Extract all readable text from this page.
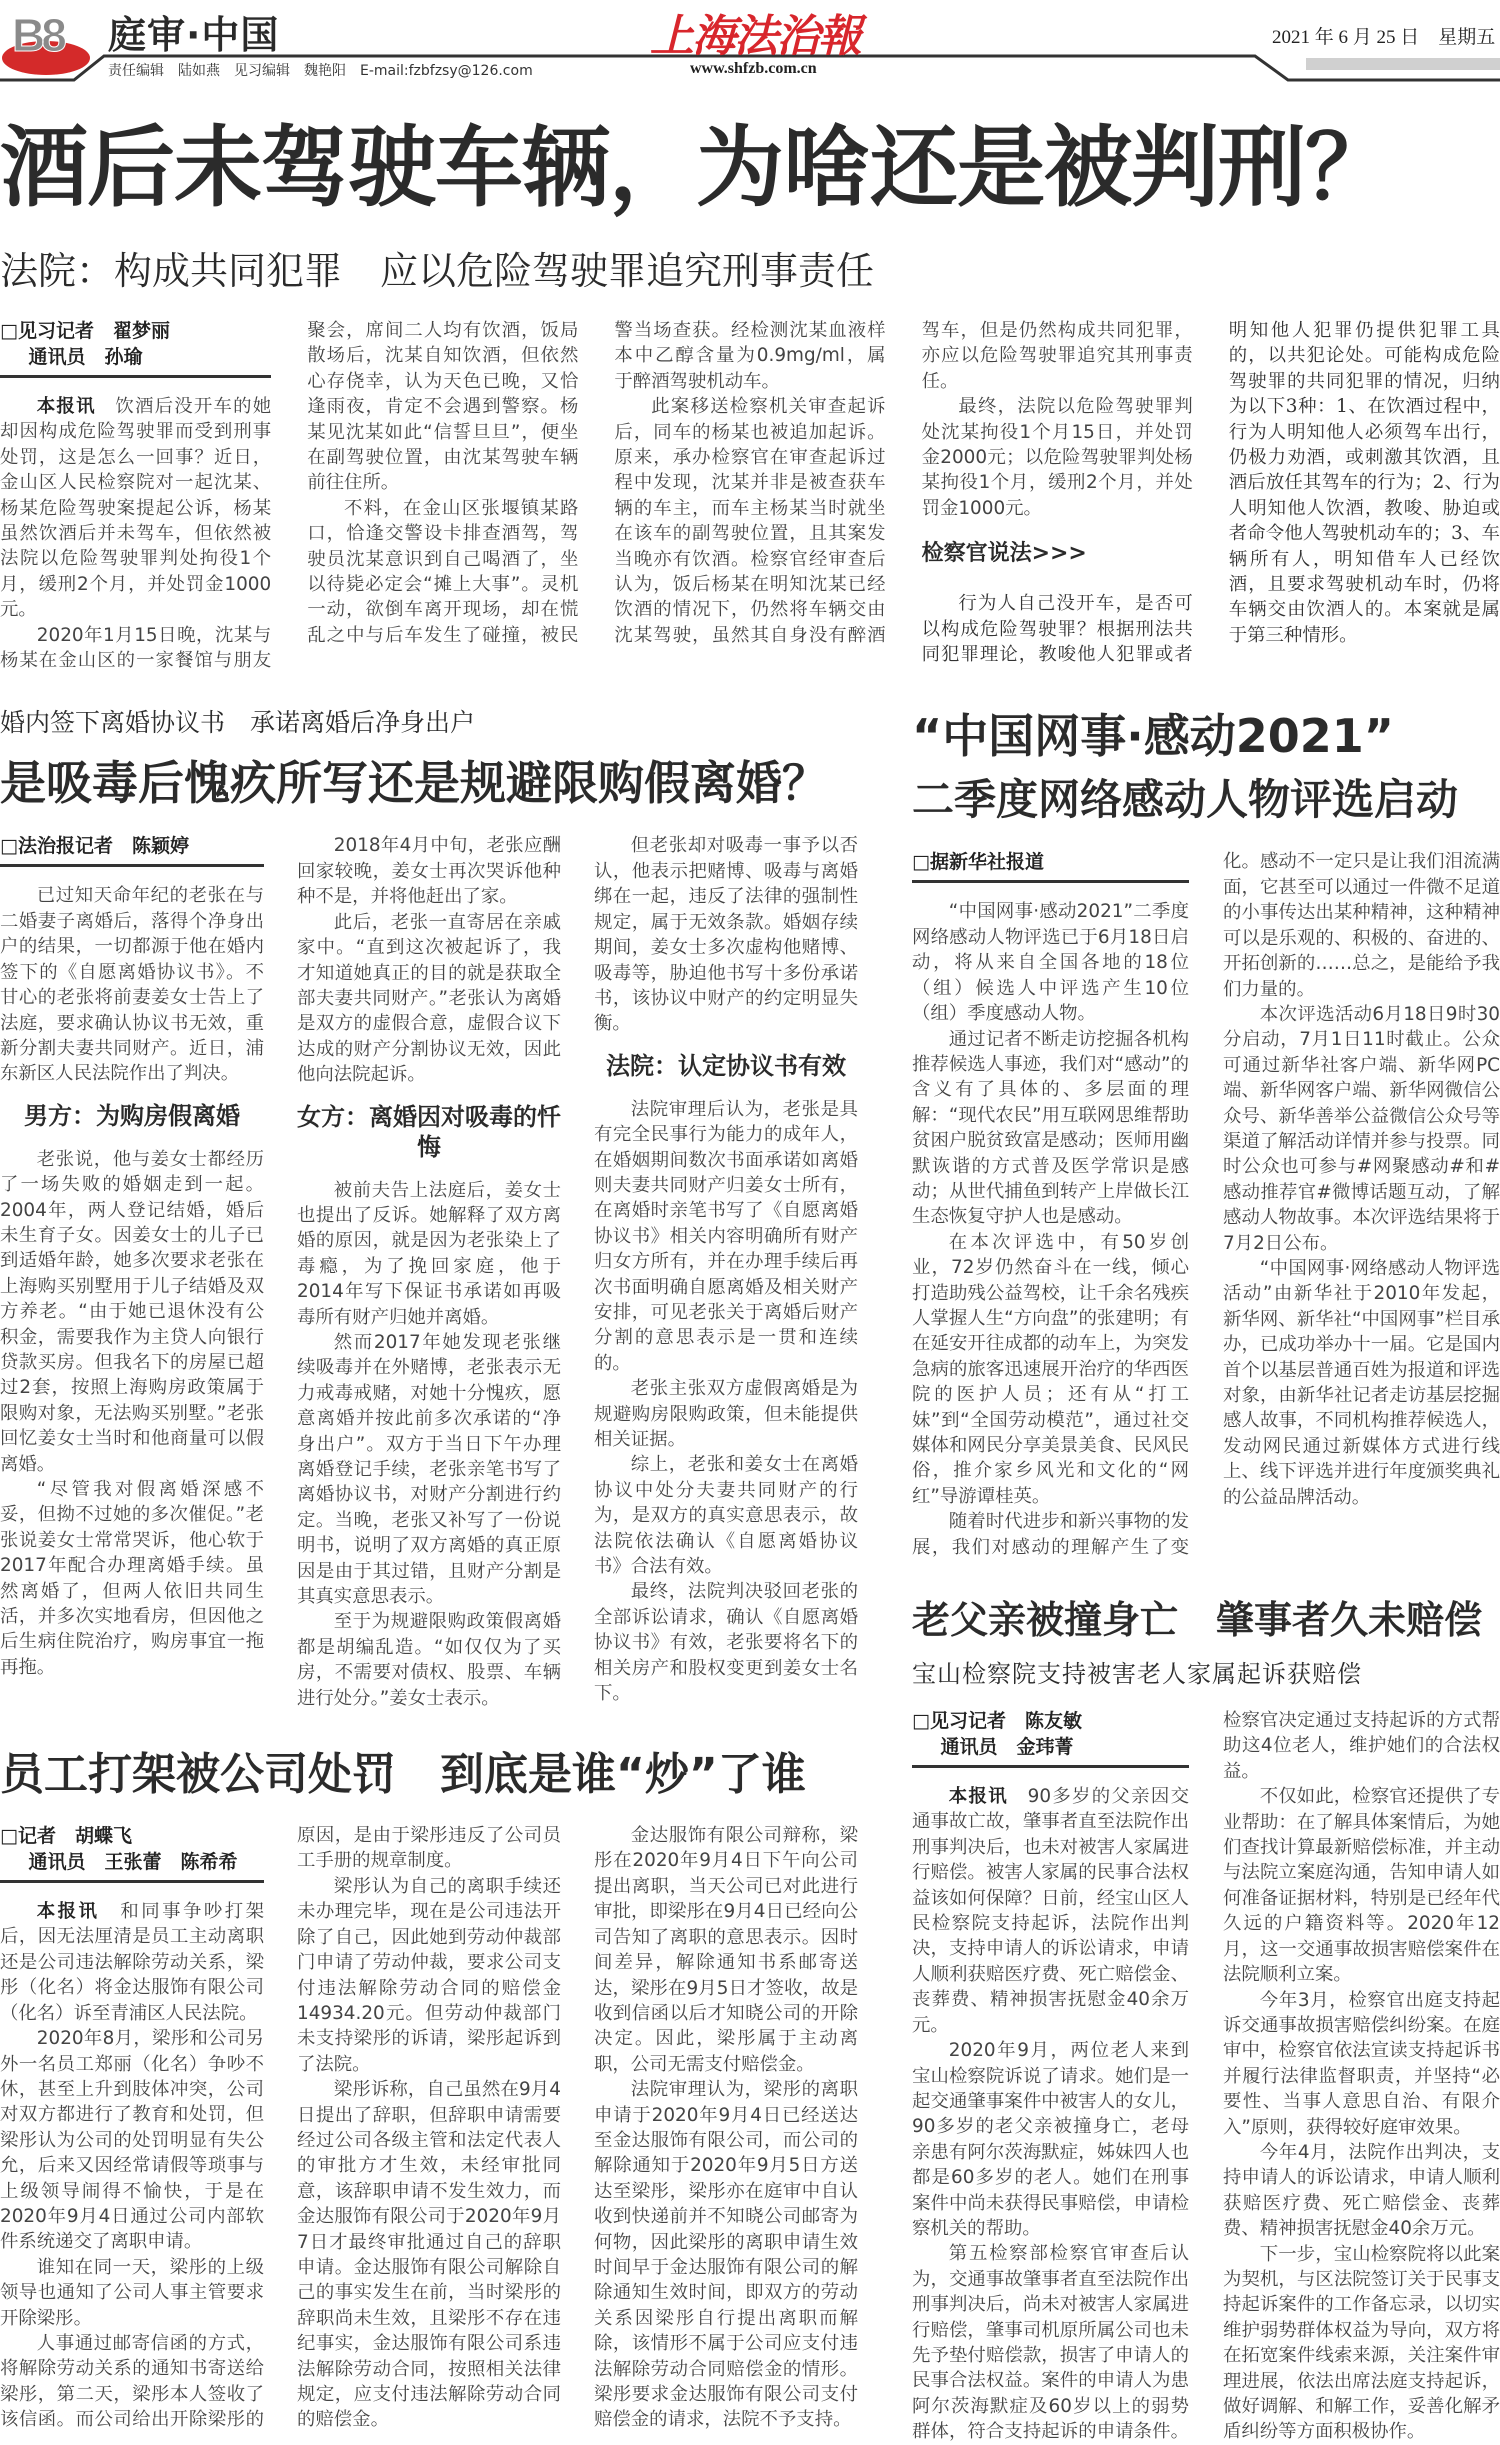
B8 庭审·中国
责任编辑　陆如燕　见习编辑　魏艳阳　E-mail:fzbfzsy@126.com
上海法治報
www.shfzb.com.cn
2021 年 6 月 25 日　星期五
酒后未驾驶车辆，为啥还是被判刑？
法院：构成共同犯罪　应以危险驾驶罪追究刑事责任
□见习记者　翟梦丽
通讯员　孙瑜

本报讯　饮酒后没开车的她却因构成危险驾驶罪而受到刑事处罚，这是怎么一回事？近日，金山区人民检察院对一起沈某、杨某危险驾驶案提起公诉，杨某虽然饮酒后并未驾车，但依然被法院以危险驾驶罪判处拘役1个月，缓刑2个月，并处罚金1000元。

2020年1月15日晚，沈某与杨某在金山区的一家餐馆与朋友聚会，席间二人均有饮酒，饭局散场后，沈某自知饮酒，但依然心存侥幸，认为天色已晚，又恰逢雨夜，肯定不会遇到警察。杨某见沈某如此“信誓旦旦”，便坐在副驾驶位置，由沈某驾驶车辆前往住所。

不料，在金山区张堰镇某路口，恰逢交警设卡排查酒驾，驾驶员沈某意识到自己喝酒了，坐以待毙必定会“摊上大事”。灵机一动，欲倒车离开现场，却在慌乱之中与后车发生了碰撞，被民警当场查获。经检测沈某血液样本中乙醇含量为0.9mg/ml，属于醉酒驾驶机动车。

此案移送检察机关审查起诉后，同车的杨某也被追加起诉。原来，承办检察官在审查起诉过程中发现，沈某并非是被查获车辆的车主，而车主杨某当时就坐在该车的副驾驶位置，且其案发当晚亦有饮酒。检察官经审查后认为，饭后杨某在明知沈某已经饮酒的情况下，仍然将车辆交由沈某驾驶，虽然其自身没有醉酒驾车，但是仍然构成共同犯罪，亦应以危险驾驶罪追究其刑事责任。

最终，法院以危险驾驶罪判处沈某拘役1个月15日，并处罚金2000元；以危险驾驶罪判处杨某拘役1个月，缓刑2个月，并处罚金1000元。

检察官说法>>>

行为人自己没开车，是否可以构成危险驾驶罪？根据刑法共同犯罪理论，教唆他人犯罪或者明知他人犯罪仍提供犯罪工具的，以共犯论处。可能构成危险驾驶罪的共同犯罪的情况，归纳为以下3种：1、在饮酒过程中，行为人明知他人必须驾车出行，仍极力劝酒，或刺激其饮酒，且酒后放任其驾车的行为；2、行为人明知他人饮酒，教唆、胁迫或者命令他人驾驶机动车的；3、车辆所有人，明知借车人已经饮酒，且要求驾驶机动车时，仍将车辆交由饮酒人的。本案就是属于第三种情形。

婚内签下离婚协议书　承诺离婚后净身出户
是吸毒后愧疚所写还是规避限购假离婚？
□法治报记者　陈颖婷

已过知天命年纪的老张在与二婚妻子离婚后，落得个净身出户的结果，一切都源于他在婚内签下的《自愿离婚协议书》。不甘心的老张将前妻姜女士告上了法庭，要求确认协议书无效，重新分割夫妻共同财产。近日，浦东新区人民法院作出了判决。

男方：为购房假离婚

老张说，他与姜女士都经历了一场失败的婚姻走到一起。2004年，两人登记结婚，婚后未生育子女。因姜女士的儿子已到适婚年龄，她多次要求老张在上海购买别墅用于儿子结婚及双方养老。“由于她已退休没有公积金，需要我作为主贷人向银行贷款买房。但我名下的房屋已超过2套，按照上海购房政策属于限购对象，无法购买别墅。”老张回忆姜女士当时和他商量可以假离婚。

“尽管我对假离婚深感不妥，但拗不过她的多次催促。”老张说姜女士常常哭诉，他心软于2017年配合办理离婚手续。虽然离婚了，但两人依旧共同生活，并多次实地看房，但因他之后生病住院治疗，购房事宜一拖再拖。

2018年4月中旬，老张应酬回家较晚，姜女士再次哭诉他种种不是，并将他赶出了家。

此后，老张一直寄居在亲戚家中。“直到这次被起诉了，我才知道她真正的目的就是获取全部夫妻共同财产。”老张认为离婚是双方的虚假合意，虚假合议下达成的财产分割协议无效，因此他向法院起诉。

女方：离婚因对吸毒的忏悔

被前夫告上法庭后，姜女士也提出了反诉。她解释了双方离婚的原因，就是因为老张染上了毒瘾，为了挽回家庭，他于2014年写下保证书承诺如再吸毒所有财产归她并离婚。

然而2017年她发现老张继续吸毒并在外赌博，老张表示无力戒毒戒赌，对她十分愧疚，愿意离婚并按此前多次承诺的“净身出户”。双方于当日下午办理离婚登记手续，老张亲笔书写了离婚协议书，对财产分割进行约定。当晚，老张又补写了一份说明书，说明了双方离婚的真正原因是由于其过错，且财产分割是其真实意思表示。

至于为规避限购政策假离婚都是胡编乱造。“如仅仅为了买房，不需要对债权、股票、车辆进行处分。”姜女士表示。

但老张却对吸毒一事予以否认，他表示把赌博、吸毒与离婚绑在一起，违反了法律的强制性规定，属于无效条款。婚姻存续期间，姜女士多次虚构他赌博、吸毒等，胁迫他书写十多份承诺书，该协议中财产的约定明显失衡。

法院：认定协议书有效

法院审理后认为，老张是具有完全民事行为能力的成年人，在婚姻期间数次书面承诺如离婚则夫妻共同财产归姜女士所有，在离婚时亲笔书写了《自愿离婚协议书》相关内容明确所有财产归女方所有，并在办理手续后再次书面明确自愿离婚及相关财产安排，可见老张关于离婚后财产分割的意思表示是一贯和连续的。

老张主张双方虚假离婚是为规避购房限购政策，但未能提供相关证据。

综上，老张和姜女士在离婚协议中处分夫妻共同财产的行为，是双方的真实意思表示，故法院依法确认《自愿离婚协议书》合法有效。

最终，法院判决驳回老张的全部诉讼请求，确认《自愿离婚协议书》有效，老张要将名下的相关房产和股权变更到姜女士名下。

员工打架被公司处罚　到底是谁“炒”了谁
□记者　胡蝶飞
通讯员　王张蕾　陈希希

本报讯　和同事争吵打架后，因无法厘清是员工主动离职还是公司违法解除劳动关系，梁彤（化名）将金达服饰有限公司（化名）诉至青浦区人民法院。

2020年8月，梁彤和公司另外一名员工郑丽（化名）争吵不休，甚至上升到肢体冲突，公司对双方都进行了教育和处罚，但梁彤认为公司的处罚明显有失公允，后来又因经常请假等琐事与上级领导闹得不愉快，于是在2020年9月4日通过公司内部软件系统递交了离职申请。

谁知在同一天，梁彤的上级领导也通知了公司人事主管要求开除梁彤。

人事通过邮寄信函的方式，将解除劳动关系的通知书寄送给梁彤，第二天，梁彤本人签收了该信函。而公司给出开除梁彤的原因，是由于梁彤违反了公司员工手册的规章制度。

梁彤认为自己的离职手续还未办理完毕，现在是公司违法开除了自己，因此她到劳动仲裁部门申请了劳动仲裁，要求公司支付违法解除劳动合同的赔偿金14934.20元。但劳动仲裁部门未支持梁彤的诉请，梁彤起诉到了法院。

梁彤诉称，自己虽然在9月4日提出了辞职，但辞职申请需要经过公司各级主管和法定代表人的审批方才生效，未经审批同意，该辞职申请不发生效力，而金达服饰有限公司于2020年9月7日才最终审批通过自己的辞职申请。金达服饰有限公司解除自己的事实发生在前，当时梁彤的辞职尚未生效，且梁彤不存在违纪事实，金达服饰有限公司系违法解除劳动合同，按照相关法律规定，应支付违法解除劳动合同的赔偿金。

金达服饰有限公司辩称，梁彤在2020年9月4日下午向公司提出离职，当天公司已对此进行审批，即梁彤在9月4日已经向公司告知了离职的意思表示。因时间差异，解除通知书系邮寄送达，梁彤在9月5日才签收，故是收到信函以后才知晓公司的开除决定。因此，梁彤属于主动离职，公司无需支付赔偿金。

法院审理认为，梁彤的离职申请于2020年9月4日已经送达至金达服饰有限公司，而公司的解除通知于2020年9月5日方送达至梁彤，梁彤亦在庭审中自认收到快递前并不知晓公司邮寄为何物，因此梁彤的离职申请生效时间早于金达服饰有限公司的解除通知生效时间，即双方的劳动关系因梁彤自行提出离职而解除，该情形不属于公司应支付违法解除劳动合同赔偿金的情形。梁彤要求金达服饰有限公司支付赔偿金的请求，法院不予支持。

“中国网事·感动2021”
二季度网络感动人物评选启动
□据新华社报道

“中国网事·感动2021”二季度网络感动人物评选已于6月18日启动，将从来自全国各地的18位（组）候选人中评选产生10位（组）季度感动人物。

通过记者不断走访挖掘各机构推荐候选人事迹，我们对“感动”的含义有了具体的、多层面的理解：“现代农民”用互联网思维帮助贫困户脱贫致富是感动；医师用幽默诙谐的方式普及医学常识是感动；从世代捕鱼到转产上岸做长江生态恢复守护人也是感动。

在本次评选中，有50岁创业，72岁仍然奋斗在一线，倾心打造助残公益驾校，让千余名残疾人掌握人生“方向盘”的张建明；有在延安开往成都的动车上，为突发急病的旅客迅速展开治疗的华西医院的医护人员；还有从“打工妹”到“全国劳动模范”，通过社交媒体和网民分享美景美食、民风民俗，推介家乡风光和文化的“网红”导游谭桂英。

随着时代进步和新兴事物的发展，我们对感动的理解产生了变化。感动不一定只是让我们泪流满面，它甚至可以通过一件微不足道的小事传达出某种精神，这种精神可以是乐观的、积极的、奋进的、开拓创新的……总之，是能给予我们力量的。

本次评选活动6月18日9时30分启动，7月1日11时截止。公众可通过新华社客户端、新华网PC端、新华网客户端、新华网微信公众号、新华善举公益微信公众号等渠道了解活动详情并参与投票。同时公众也可参与#网聚感动#和#感动推荐官#微博话题互动，了解感动人物故事。本次评选结果将于7月2日公布。

“中国网事·网络感动人物评选活动”由新华社于2010年发起，新华网、新华社“中国网事”栏目承办，已成功举办十一届。它是国内首个以基层普通百姓为报道和评选对象，由新华社记者走访基层挖掘感人故事，不同机构推荐候选人，发动网民通过新媒体方式进行线上、线下评选并进行年度颁奖典礼的公益品牌活动。

老父亲被撞身亡　肇事者久未赔偿
宝山检察院支持被害老人家属起诉获赔偿
□见习记者　陈友敏
通讯员　金玮菁

本报讯　90多岁的父亲因交通事故亡故，肇事者直至法院作出刑事判决后，也未对被害人家属进行赔偿。被害人家属的民事合法权益该如何保障？日前，经宝山区人民检察院支持起诉，法院作出判决，支持申请人的诉讼请求，申请人顺利获赔医疗费、死亡赔偿金、丧葬费、精神损害抚慰金40余万元。

2020年9月，两位老人来到宝山检察院诉说了请求。她们是一起交通肇事案件中被害人的女儿，90多岁的老父亲被撞身亡，老母亲患有阿尔茨海默症，姊妹四人也都是60多岁的老人。她们在刑事案件中尚未获得民事赔偿，申请检察机关的帮助。

第五检察部检察官审查后认为，交通事故肇事者直至法院作出刑事判决后，尚未对被害人家属进行赔偿，肇事司机原所属公司也未先予垫付赔偿款，损害了申请人的民事合法权益。案件的申请人为患阿尔茨海默症及60岁以上的弱势群体，符合支持起诉的申请条件。检察官决定通过支持起诉的方式帮助这4位老人，维护她们的合法权益。

不仅如此，检察官还提供了专业帮助：在了解具体案情后，为她们查找计算最新赔偿标准，并主动与法院立案庭沟通，告知申请人如何准备证据材料，特别是已经年代久远的户籍资料等。2020年12月，这一交通事故损害赔偿案件在法院顺利立案。

今年3月，检察官出庭支持起诉交通事故损害赔偿纠纷案。在庭审中，检察官依法宣读支持起诉书并履行法律监督职责，并坚持“必要性、当事人意思自治、有限介入”原则，获得较好庭审效果。

今年4月，法院作出判决，支持申请人的诉讼请求，申请人顺利获赔医疗费、死亡赔偿金、丧葬费、精神损害抚慰金40余万元。

下一步，宝山检察院将以此案为契机，与区法院签订关于民事支持起诉案件的工作备忘录，以切实维护弱势群体权益为导向，双方将在拓宽案件线索来源，关注案件审理进展，依法出席法庭支持起诉，做好调解、和解工作，妥善化解矛盾纠纷等方面积极协作。
